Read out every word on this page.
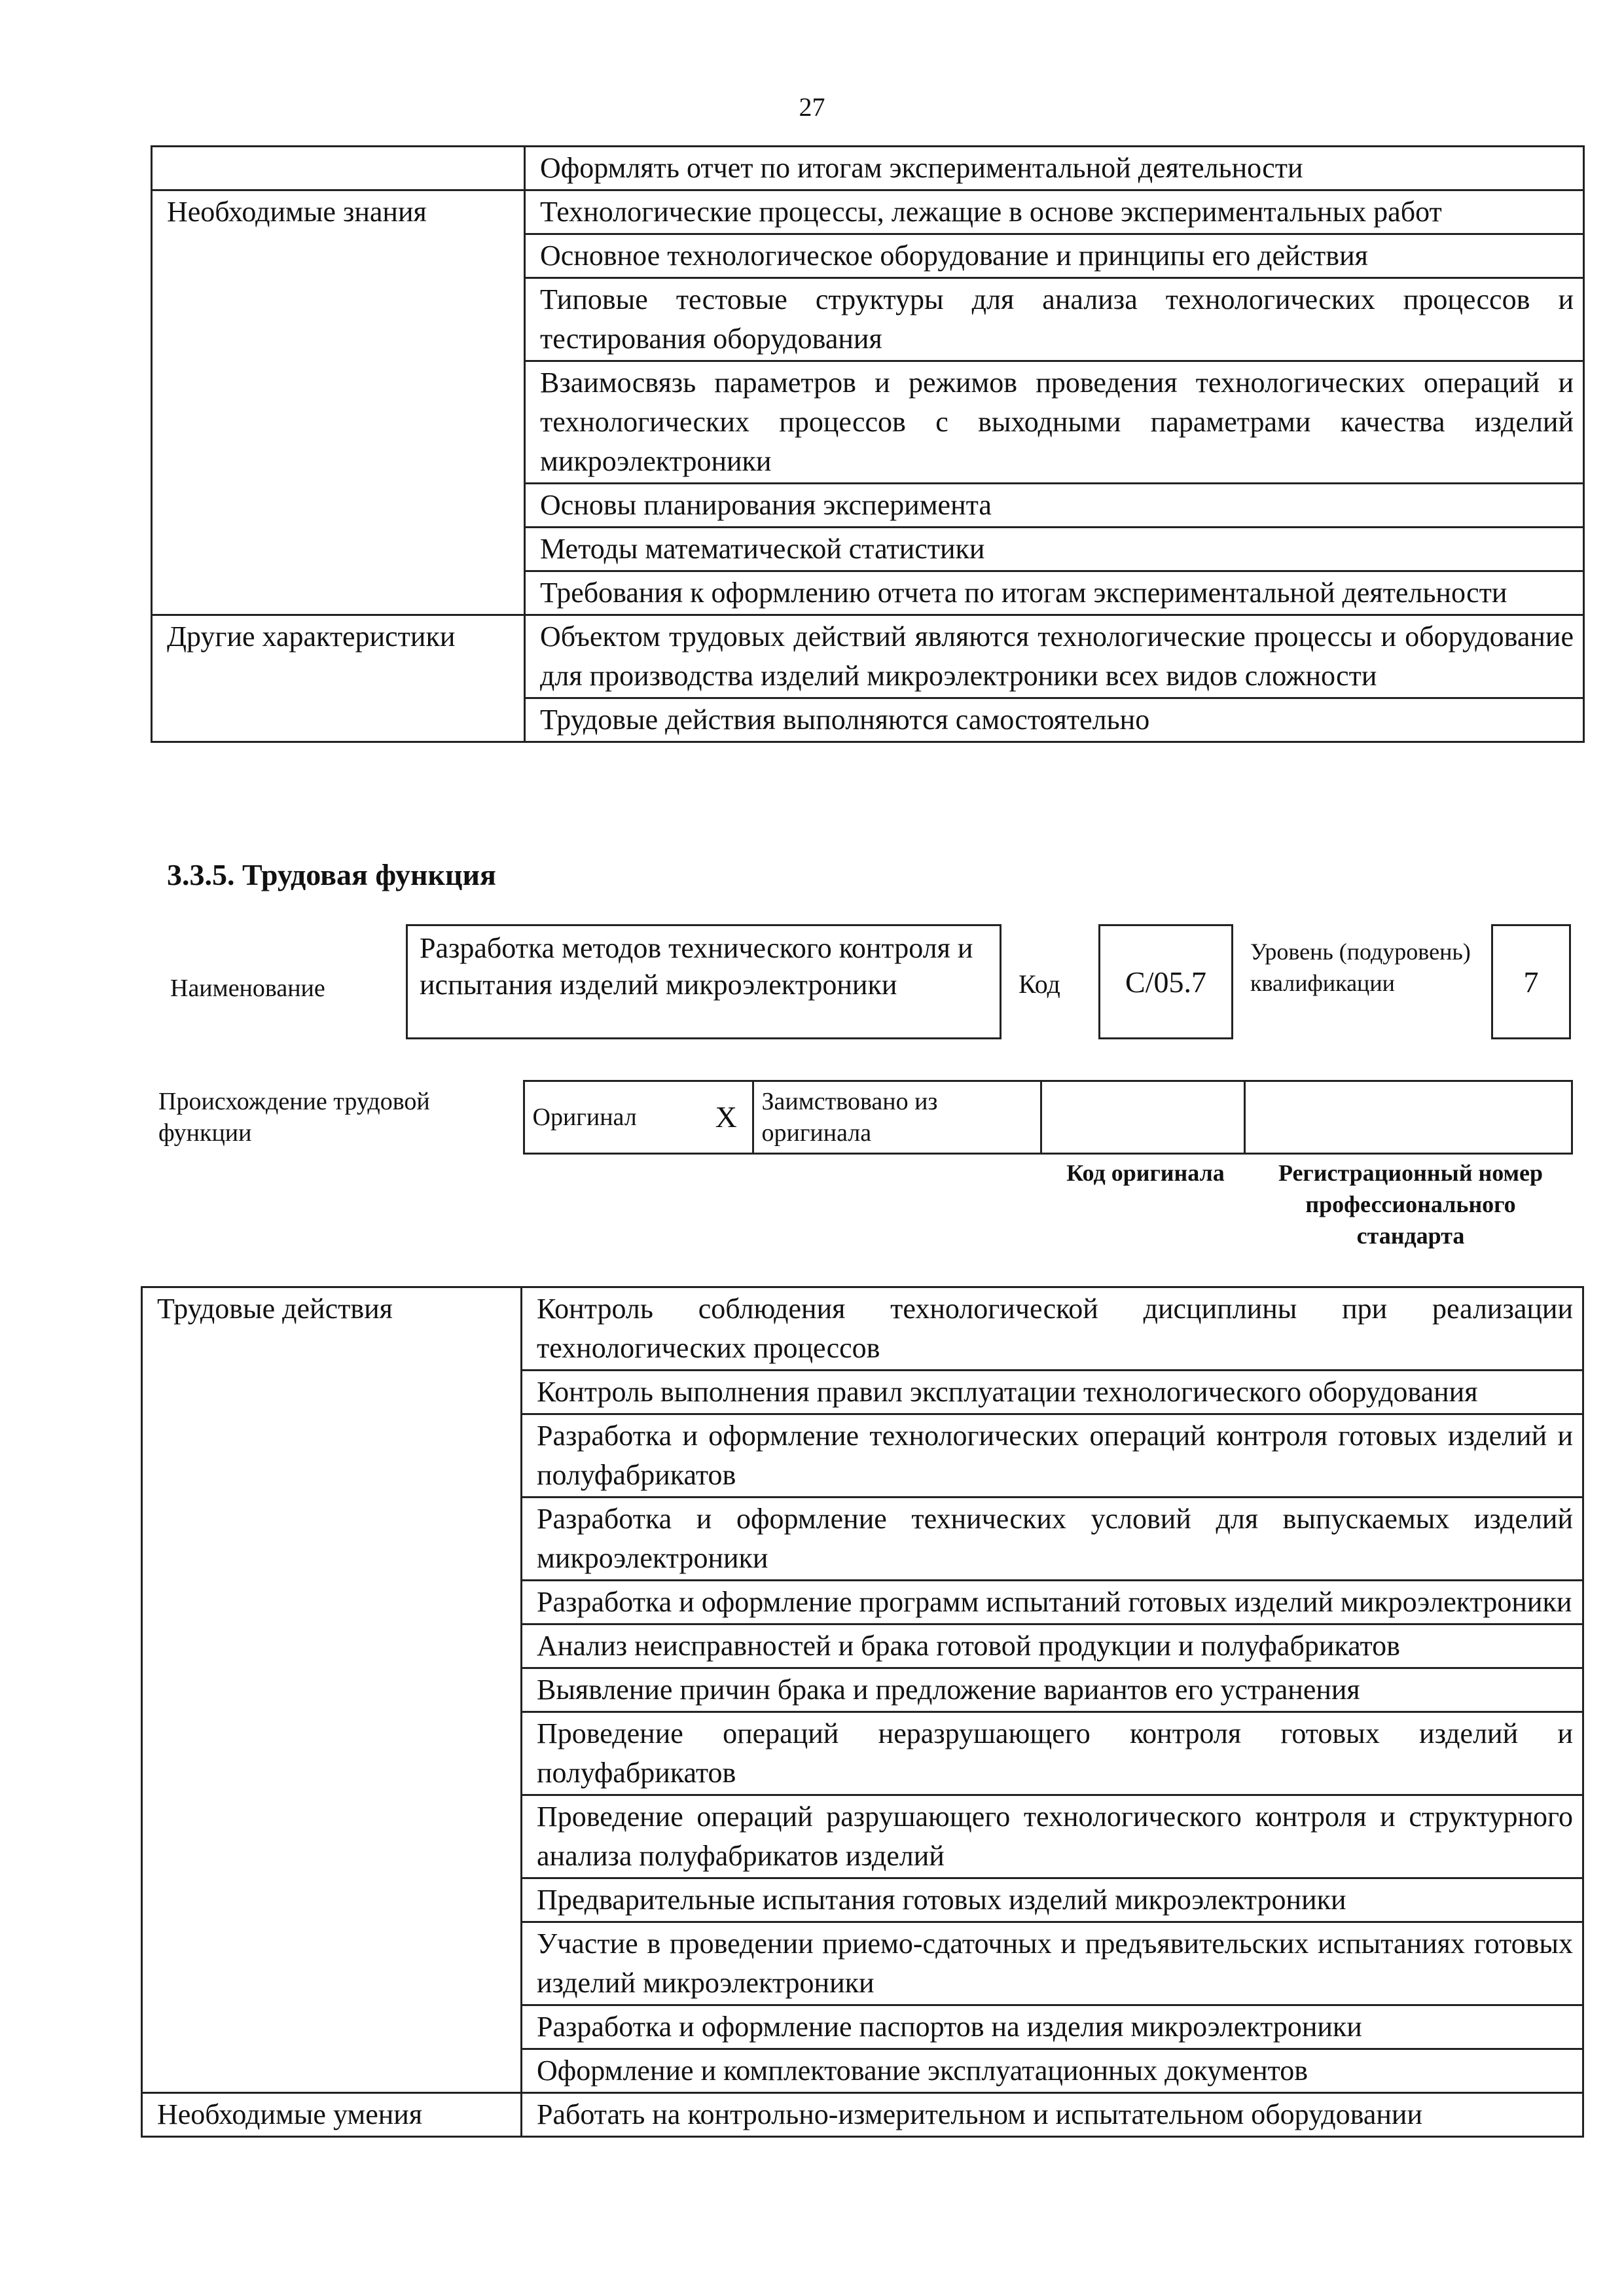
27
	Оформлять отчет по итогам экспериментальной деятельности
Необходимые знания	Технологические процессы, лежащие в основе экспериментальных работ
	Основное технологическое оборудование и принципы его действия
	Типовые тестовые структуры для анализа технологических процессов и тестирования оборудования
	Взаимосвязь параметров и режимов проведения технологических операций и технологических процессов с выходными параметрами качества изделий микроэлектроники
	Основы планирования эксперимента
	Методы математической статистики
	Требования к оформлению отчета по итогам экспериментальной деятельности
Другие характеристики	Объектом трудовых действий являются технологические процессы и оборудование для производства изделий микроэлектроники всех видов сложности
	Трудовые действия выполняются самостоятельно
3.3.5. Трудовая функция
Наименование
Разработка методов технического контроля и испытания изделий микроэлектроники	Код	C/05.7
Уровень (подуровень) квалификации	7
Происхождение трудовой функции	Оригинал	X	Заимствовано из оригинала		
Код оригинала	Регистрационный номер профессионального стандарта
Трудовые действия	Контроль соблюдения технологической дисциплины при реализации технологических процессов
	Контроль выполнения правил эксплуатации технологического оборудования
	Разработка и оформление технологических операций контроля готовых изделий и полуфабрикатов
	Разработка и оформление технических условий для выпускаемых изделий микроэлектроники
	Разработка и оформление программ испытаний готовых изделий микроэлектроники
	Анализ неисправностей и брака готовой продукции и полуфабрикатов
	Выявление причин брака и предложение вариантов его устранения
	Проведение операций неразрушающего контроля готовых изделий и полуфабрикатов
	Проведение операций разрушающего технологического контроля и структурного анализа полуфабрикатов изделий
	Предварительные испытания готовых изделий микроэлектроники
	Участие в проведении приемо-сдаточных и предъявительских испытаниях готовых изделий микроэлектроники
	Разработка и оформление паспортов на изделия микроэлектроники
	Оформление и комплектование эксплуатационных документов
Необходимые умения	Работать на контрольно-измерительном и испытательном оборудовании
